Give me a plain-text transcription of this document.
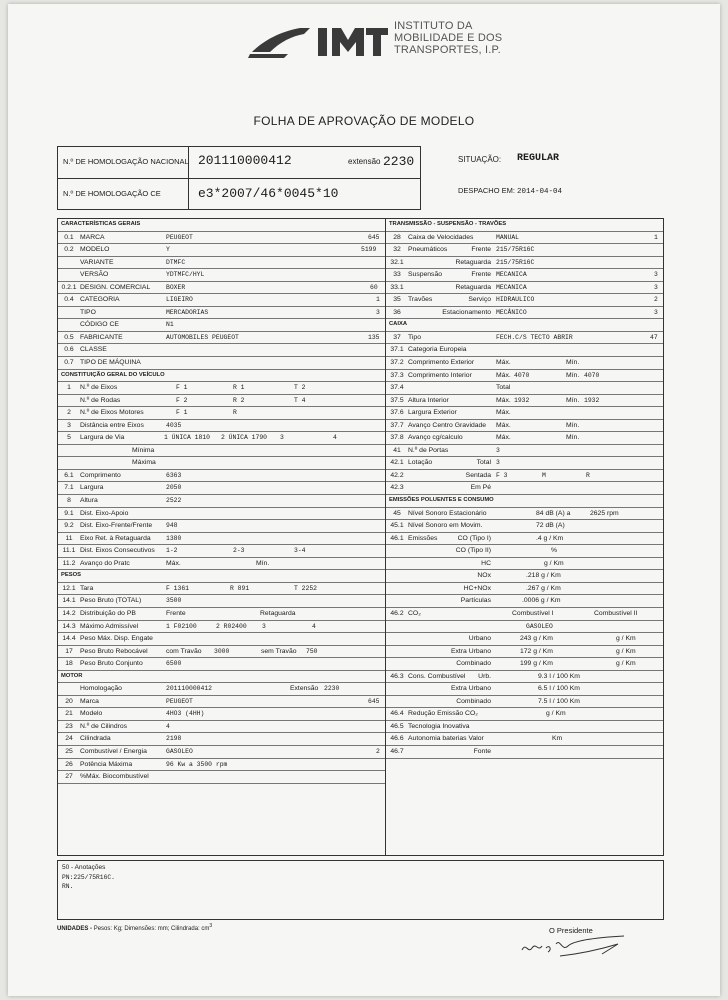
INSTITUTO DA
MOBILIDADE E DOS
TRANSPORTES, I.P.
FOLHA DE APROVAÇÃO DE MODELO
N.º DE HOMOLOGAÇÃO NACIONAL 201110000412	extensão 2230
N.º DE HOMOLOGAÇÃO CE	e3*2007/46*0045*10
SITUAÇÃO: REGULAR
DESPACHO EM: 2014-04-04
CARACTERÍSTICAS GERAIS
0.1 MARCA	PEUGEOT	645
0.2 MODELO	Y	5199
VARIANTE	DTMFC
VERSÃO	YDTMFC/HYL
0.2.1 DESIGN. COMERCIAL BOXER	60
0.4 CATEGORIA	LIGEIRO	1
TIPO	MERCADORIAS	3
CÓDIGO CE	N1
0.5 FABRICANTE	AUTOMOBILES PEUGEOT	135
0.6 CLASSE
0.7 TIPO DE MÁQUINA
CONSTITUIÇÃO GERAL DO VEÍCULO
1	N.º de Eixos	F 1	R 1	T 2
N.º de Rodas	F 2	R 2	T 4
2	N.º de Eixos Motores	F 1	R
3	Distância entre Eixos	4035
5	Largura de Via	1 ÚNICA 1810 2 ÚNICA 1790 3	4
Mínima
Máxima
6.1 Comprimento	6363
7.1 Largura	2050
8	Altura	2522
9.1 Dist. Eixo-Apoio
9.2 Dist. Eixo-Frente/Frente 948
11	Eixo Ret. à Retaguarda 1380
11.1 Dist. Eixos Consecutivos 1-2	2-3	3-4
11.2 Avanço do Pratc	Máx.	Mín.
PESOS
12.1 Tara	F 1361	R 891	T 2252
14.1 Peso Bruto (TOTAL)	3500
14.2 Distribuição do PB	Frente	Retaguarda
14.3 Máximo Admissível	1 F02100	2 R02400 3	4
14.4 Peso Máx. Disp. Engate
17	Peso Bruto Rebocável	com Travão 3000	sem Travão 750
18	Peso Bruto Conjunto	6500
MOTOR
Homologação	201110000412	Extensão 2230
20	Marca	PEUGEOT	645
21	Modelo	4HO3 (4HH)
23	N.º de Cilindros	4
24	Cilindrada	2198
25	Combustível / Energia	GASOLEO	2
26	Potência Máxima	96 Kw a 3500 rpm
27	%Máx. Biocombustível
TRANSMISSÃO - SUSPENSÃO - TRAVÕES
28	Caixa de Velocidades	MANUAL	1
32	Pneumáticos	Frente 215/75R16C
32.1	Retaguarda 215/75R16C
33	Suspensão	Frente MECANICA	3
33.1	Retaguarda MECANICA	3
35	Travões	Serviço HIDRAULICO	2
36	Estacionamento MECÂNICO	3
CAIXA
37	Tipo	FECH.C/S TECTO ABRIR	47
37.1 Categoria Europeia
37.2 Comprimento Exterior	Máx.	Mín.
37.3 Comprimento Interior	Máx. 4070	Mín. 4070
37.4	Total
37.5 Altura Interior	Máx. 1932	Mín. 1932
37.6 Largura Exterior	Máx.
37.7 Avanço Centro Gravidade Máx.	Mín.
37.8 Avanço cg/calculo	Máx.	Mín.
41	N.º de Portas	3
42.1 Lotação	Total 3
42.2	Sentada F 3	M	R
42.3	Em Pé
EMISSÕES POLUENTES E CONSUMO
45	Nível Sonoro Estacionário	84 dB (A) a	2625 rpm
45.1 Nível Sonoro em Movim.	72 dB (A)
46.1 Emissões	CO (Tipo I)	.4 g / Km
CO (Tipo II)	%
HC	g / Km
NOx	.218 g / Km
HC+NOx	.267 g / Km
Partículas	.0006 g / Km
46.2 CO₂	Combustível I	Combustível II
GASOLEO
Urbano	243 g / Km	g / Km
Extra Urbano	172 g / Km	g / Km
Combinado	199 g / Km	g / Km
46.3 Cons. Combustível Urb.	9.3 l / 100 Km
Extra Urbano	6.5 l / 100 Km
Combinado	7.5 l / 100 Km
46.4 Redução Emissão CO₂	g / Km
46.5 Tecnologia Inovativa
46.6 Autonomia baterias Valor	Km
46.7	Fonte
50 - Anotações
PN:225/75R16C.
RN.
UNIDADES - Pesos: Kg; Dimensões: mm; Cilindrada: $cm^3$	O Presidente
